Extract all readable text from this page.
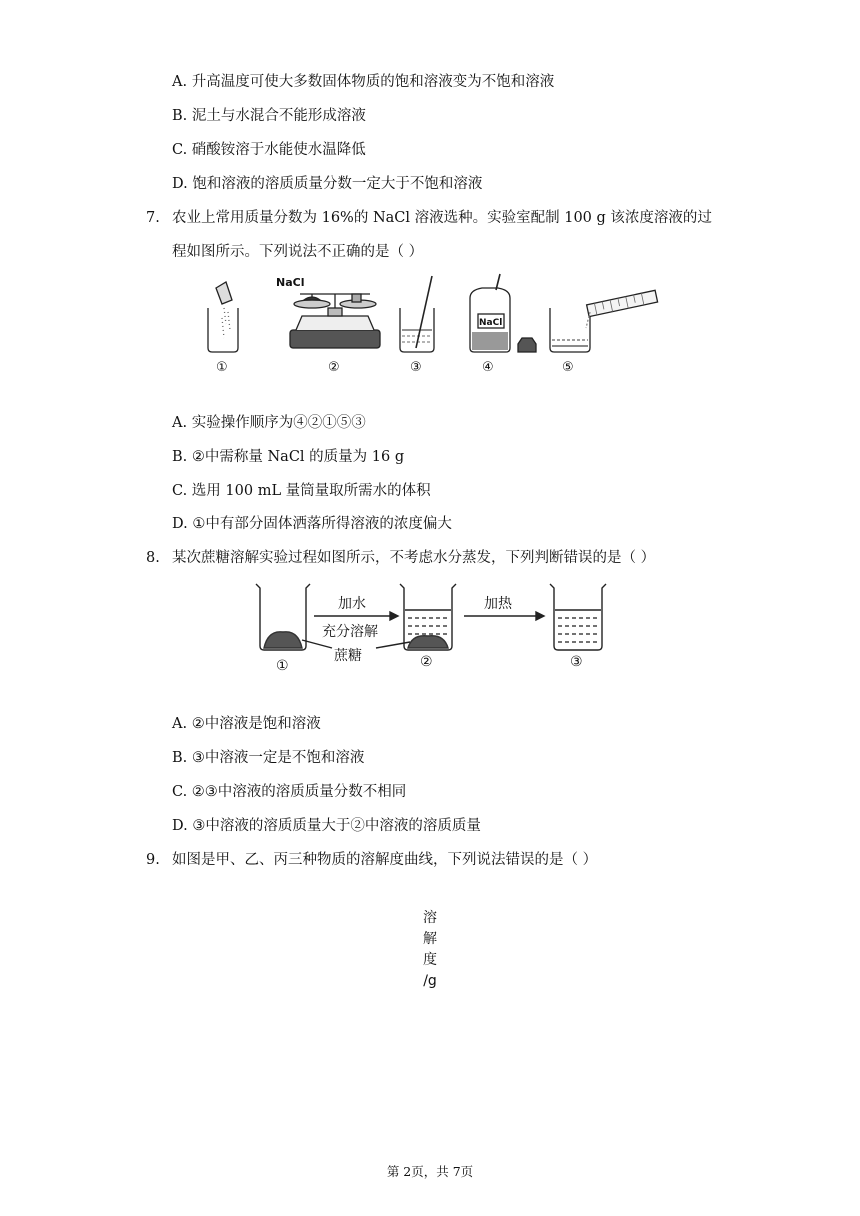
A. 升高温度可使大多数固体物质的饱和溶液变为不饱和溶液
B. 泥土与水混合不能形成溶液
C. 硝酸铵溶于水能使水温降低
D. 饱和溶液的溶质质量分数一定大于不饱和溶液
7. 农业上常用质量分数为 16%的 NaCl 溶液选种。实验室配制 100 g 该浓度溶液的过
程如图所示。下列说法不正确的是（ ）
NaCl
NaCl
①	②	③	④	⑤
A. 实验操作顺序为④②①⑤③
B. ②中需称量 NaCl 的质量为 16 g
C. 选用 100 mL 量筒量取所需水的体积
D. ①中有部分固体洒落所得溶液的浓度偏大
8. 某次蔗糖溶解实验过程如图所示，不考虑水分蒸发，下列判断错误的是（ ）
加水
充分溶解
蔗糖
加热
①	②	③
A. ②中溶液是饱和溶液
B. ③中溶液一定是不饱和溶液
C. ②③中溶液的溶质质量分数不相同
D. ③中溶液的溶质质量大于②中溶液的溶质质量
9. 如图是甲、乙、丙三种物质的溶解度曲线，下列说法错误的是（ ）
溶
解
度
/g
第 2页，共 7页
